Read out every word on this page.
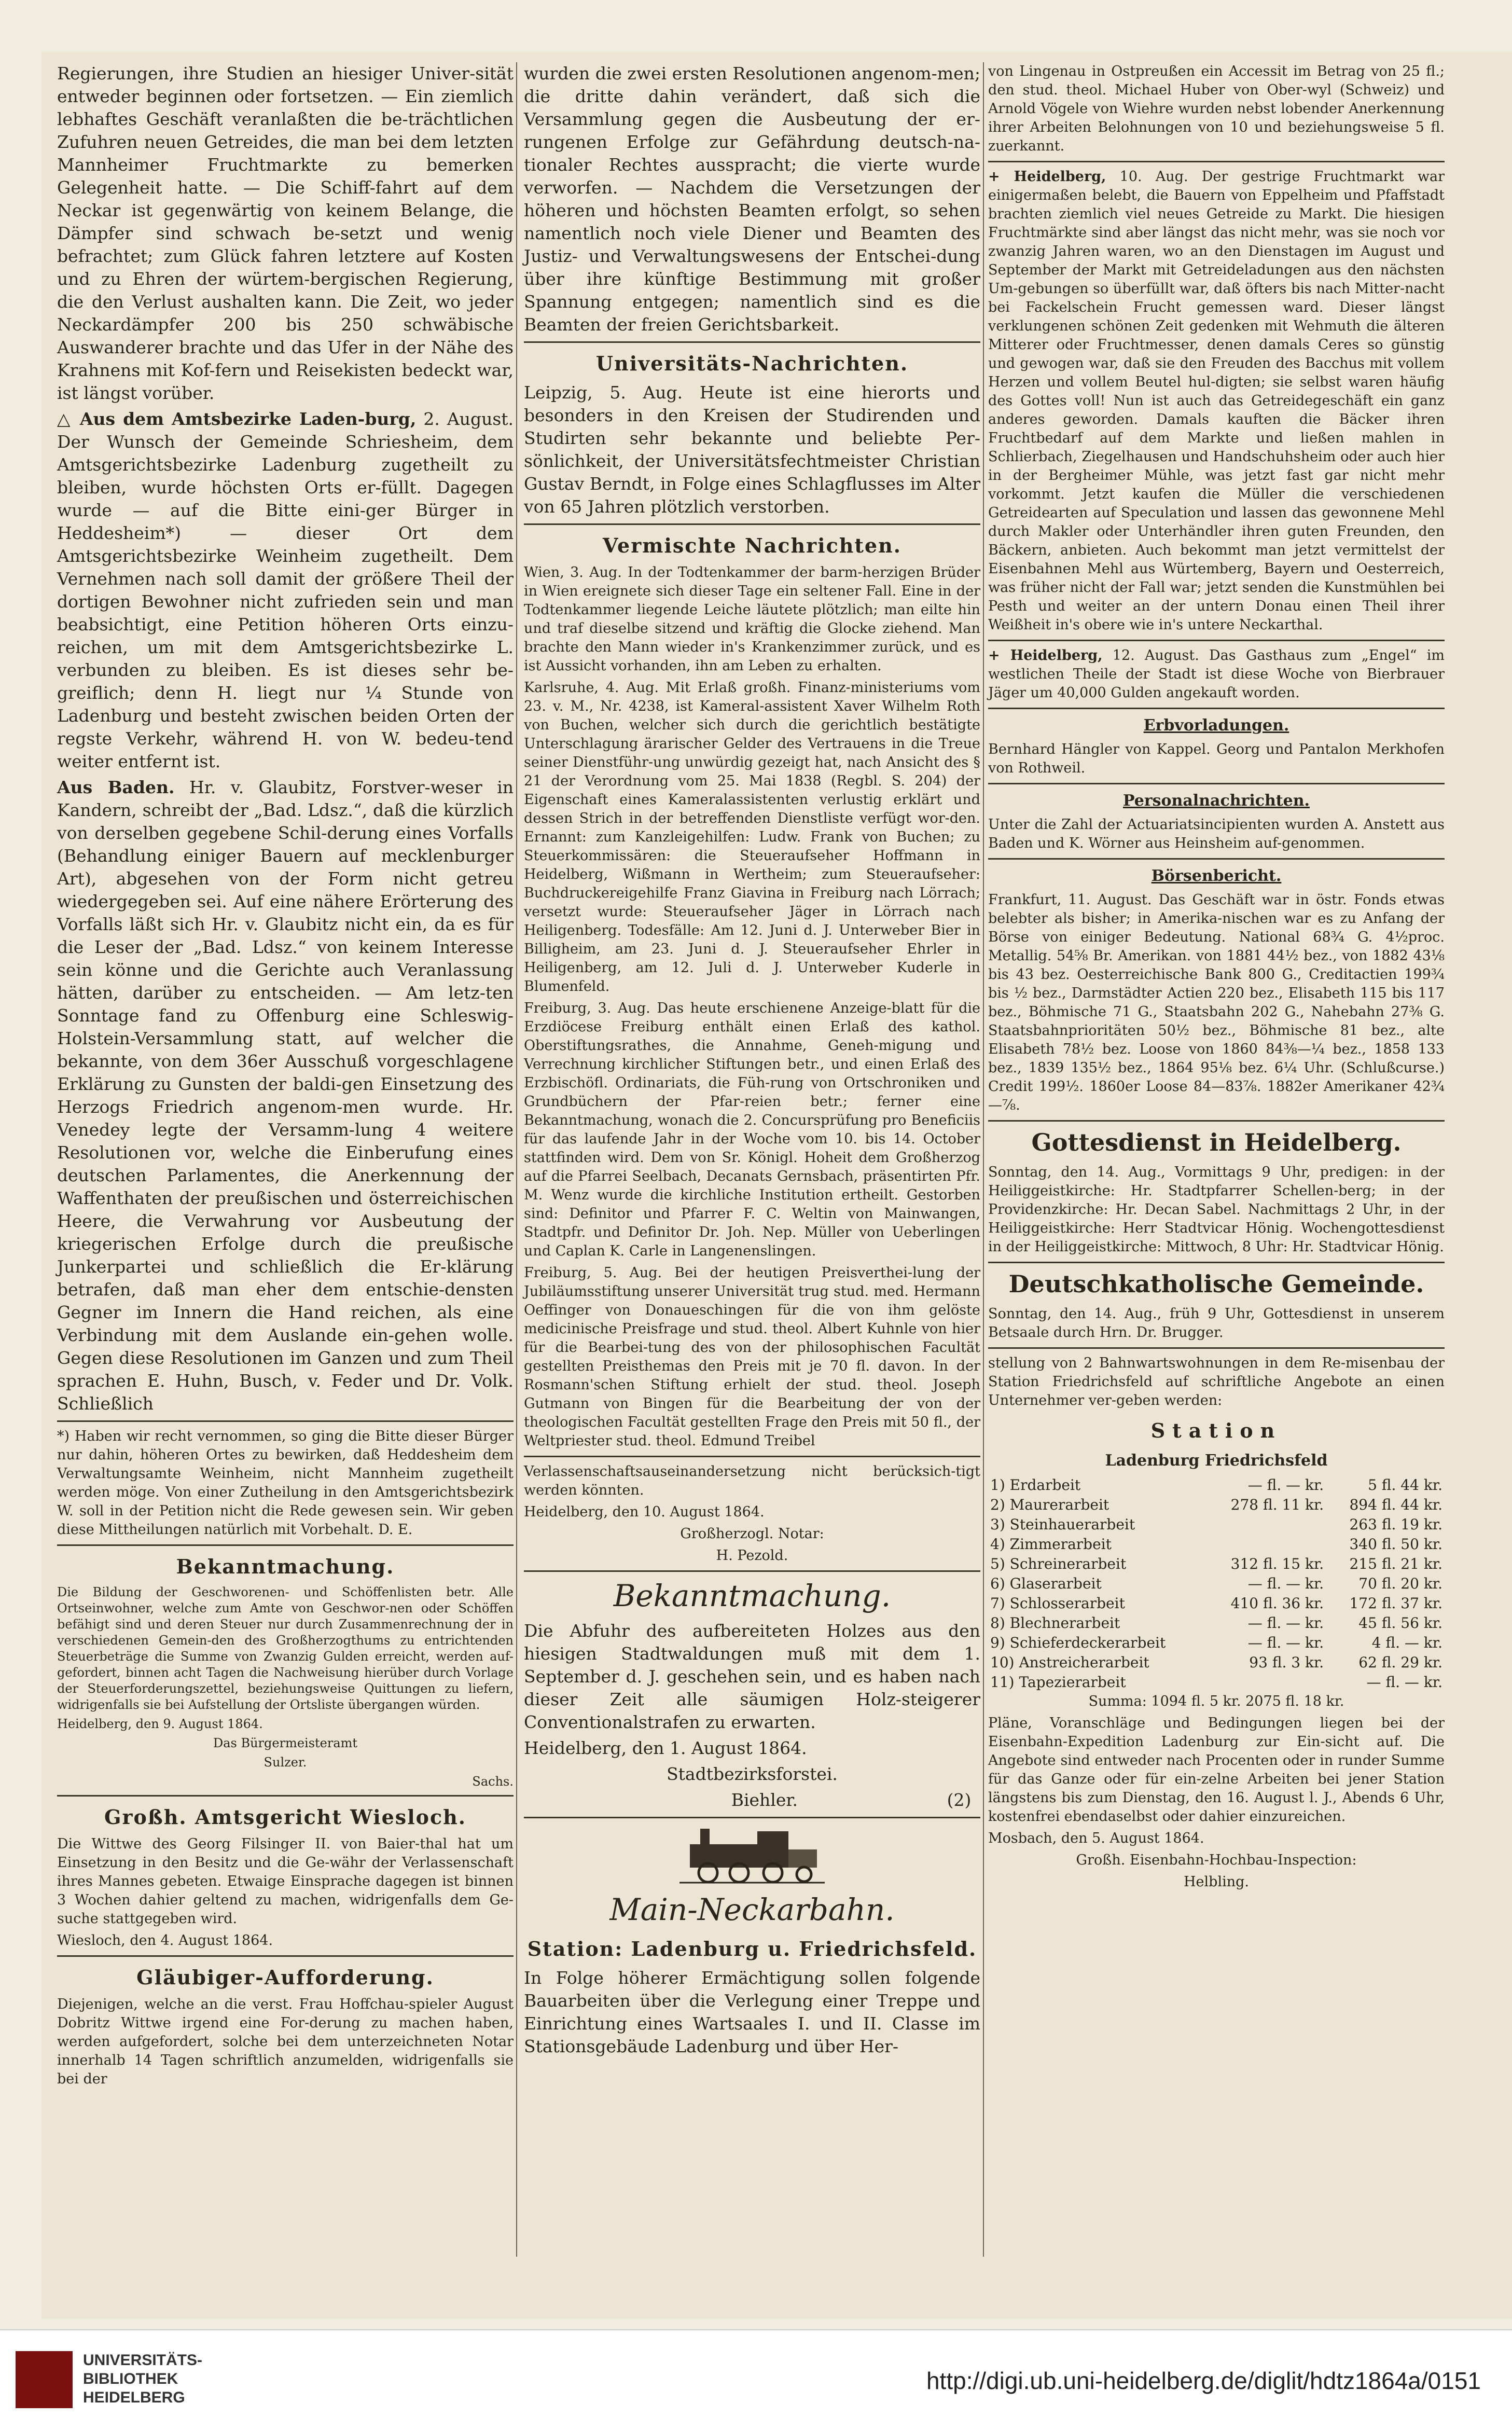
Regierungen, ihre Studien an hiesiger Univer-sität entweder beginnen oder fortsetzen. — Ein ziemlich lebhaftes Geschäft veranlaßten die be-trächtlichen Zufuhren neuen Getreides, die man bei dem letzten Mannheimer Fruchtmarkte zu bemerken Gelegenheit hatte. — Die Schiff-fahrt auf dem Neckar ist gegenwärtig von keinem Belange, die Dämpfer sind schwach be-setzt und wenig befrachtet; zum Glück fahren letztere auf Kosten und zu Ehren der würtem-bergischen Regierung, die den Verlust aushalten kann. Die Zeit, wo jeder Neckardämpfer 200 bis 250 schwäbische Auswanderer brachte und das Ufer in der Nähe des Krahnens mit Kof-fern und Reisekisten bedeckt war, ist längst vorüber.

△ Aus dem Amtsbezirke Laden-burg, 2. August. Der Wunsch der Gemeinde Schriesheim, dem Amtsgerichtsbezirke Ladenburg zugetheilt zu bleiben, wurde höchsten Orts er-füllt. Dagegen wurde — auf die Bitte eini-ger Bürger in Heddesheim*) — dieser Ort dem Amtsgerichtsbezirke Weinheim zugetheilt. Dem Vernehmen nach soll damit der größere Theil der dortigen Bewohner nicht zufrieden sein und man beabsichtigt, eine Petition höheren Orts einzu-reichen, um mit dem Amtsgerichtsbezirke L. verbunden zu bleiben. Es ist dieses sehr be-greiflich; denn H. liegt nur ¼ Stunde von Ladenburg und besteht zwischen beiden Orten der regste Verkehr, während H. von W. bedeu-tend weiter entfernt ist.

Aus Baden. Hr. v. Glaubitz, Forstver-weser in Kandern, schreibt der „Bad. Ldsz.“, daß die kürzlich von derselben gegebene Schil-derung eines Vorfalls (Behandlung einiger Bauern auf mecklenburger Art), abgesehen von der Form nicht getreu wiedergegeben sei. Auf eine nähere Erörterung des Vorfalls läßt sich Hr. v. Glaubitz nicht ein, da es für die Leser der „Bad. Ldsz.“ von keinem Interesse sein könne und die Gerichte auch Veranlassung hätten, darüber zu entscheiden. — Am letz-ten Sonntage fand zu Offenburg eine Schleswig-Holstein-Versammlung statt, auf welcher die bekannte, von dem 36er Ausschuß vorgeschlagene Erklärung zu Gunsten der baldi-gen Einsetzung des Herzogs Friedrich angenom-men wurde. Hr. Venedey legte der Versamm-lung 4 weitere Resolutionen vor, welche die Einberufung eines deutschen Parlamentes, die Anerkennung der Waffenthaten der preußischen und österreichischen Heere, die Verwahrung vor Ausbeutung der kriegerischen Erfolge durch die preußische Junkerpartei und schließlich die Er-klärung betrafen, daß man eher dem entschie-densten Gegner im Innern die Hand reichen, als eine Verbindung mit dem Auslande ein-gehen wolle. Gegen diese Resolutionen im Ganzen und zum Theil sprachen E. Huhn, Busch, v. Feder und Dr. Volk. Schließlich

*) Haben wir recht vernommen, so ging die Bitte dieser Bürger nur dahin, höheren Ortes zu bewirken, daß Heddesheim dem Verwaltungsamte Weinheim, nicht Mannheim zugetheilt werden möge. Von einer Zutheilung in den Amtsgerichtsbezirk W. soll in der Petition nicht die Rede gewesen sein. Wir geben diese Mittheilungen natürlich mit Vorbehalt. D. E.

Bekanntmachung.

Die Bildung der Geschworenen- und Schöffenlisten betr. Alle Ortseinwohner, welche zum Amte von Geschwor-nen oder Schöffen befähigt sind und deren Steuer nur durch Zusammenrechnung der in verschiedenen Gemein-den des Großherzogthums zu entrichtenden Steuerbeträge die Summe von Zwanzig Gulden erreicht, werden auf-gefordert, binnen acht Tagen die Nachweisung hierüber durch Vorlage der Steuerforderungszettel, beziehungsweise Quittungen zu liefern, widrigenfalls sie bei Aufstellung der Ortsliste übergangen würden.

Heidelberg, den 9. August 1864.

Das Bürgermeisteramt

Sulzer.

Sachs.

Großh. Amtsgericht Wiesloch.

Die Wittwe des Georg Filsinger II. von Baier-thal hat um Einsetzung in den Besitz und die Ge-währ der Verlassenschaft ihres Mannes gebeten. Etwaige Einsprache dagegen ist binnen 3 Wochen dahier geltend zu machen, widrigenfalls dem Ge-suche stattgegeben wird.

Wiesloch, den 4. August 1864.

Gläubiger-Aufforderung.

Diejenigen, welche an die verst. Frau Hoffchau-spieler August Dobritz Wittwe irgend eine For-derung zu machen haben, werden aufgefordert, solche bei dem unterzeichneten Notar innerhalb 14 Tagen schriftlich anzumelden, widrigenfalls sie bei der

wurden die zwei ersten Resolutionen angenom-men; die dritte dahin verändert, daß sich die Versammlung gegen die Ausbeutung der er-rungenen Erfolge zur Gefährdung deutsch-na-tionaler Rechtes ausspracht; die vierte wurde verworfen. — Nachdem die Versetzungen der höheren und höchsten Beamten erfolgt, so sehen namentlich noch viele Diener und Beamten des Justiz- und Verwaltungswesens der Entschei-dung über ihre künftige Bestimmung mit großer Spannung entgegen; namentlich sind es die Beamten der freien Gerichtsbarkeit.

Universitäts-Nachrichten.

Leipzig, 5. Aug. Heute ist eine hierorts und besonders in den Kreisen der Studirenden und Studirten sehr bekannte und beliebte Per-sönlichkeit, der Universitätsfechtmeister Christian Gustav Berndt, in Folge eines Schlagflusses im Alter von 65 Jahren plötzlich verstorben.

Vermischte Nachrichten.

Wien, 3. Aug. In der Todtenkammer der barm-herzigen Brüder in Wien ereignete sich dieser Tage ein seltener Fall. Eine in der Todtenkammer liegende Leiche läutete plötzlich; man eilte hin und traf dieselbe sitzend und kräftig die Glocke ziehend. Man brachte den Mann wieder in's Krankenzimmer zurück, und es ist Aussicht vorhanden, ihn am Leben zu erhalten.

Karlsruhe, 4. Aug. Mit Erlaß großh. Finanz-ministeriums vom 23. v. M., Nr. 4238, ist Kameral-assistent Xaver Wilhelm Roth von Buchen, welcher sich durch die gerichtlich bestätigte Unterschlagung ärarischer Gelder des Vertrauens in die Treue seiner Dienstführ-ung unwürdig gezeigt hat, nach Ansicht des § 21 der Verordnung vom 25. Mai 1838 (Regbl. S. 204) der Eigenschaft eines Kameralassistenten verlustig erklärt und dessen Strich in der betreffenden Dienstliste verfügt wor-den. Ernannt: zum Kanzleigehilfen: Ludw. Frank von Buchen; zu Steuerkommissären: die Steueraufseher Hoffmann in Heidelberg, Wißmann in Wertheim; zum Steueraufseher: Buchdruckereigehilfe Franz Giavina in Freiburg nach Lörrach; versetzt wurde: Steueraufseher Jäger in Lörrach nach Heiligenberg. Todesfälle: Am 12. Juni d. J. Unterweber Bier in Billigheim, am 23. Juni d. J. Steueraufseher Ehrler in Heiligenberg, am 12. Juli d. J. Unterweber Kuderle in Blumenfeld.

Freiburg, 3. Aug. Das heute erschienene Anzeige-blatt für die Erzdiöcese Freiburg enthält einen Erlaß des kathol. Oberstiftungsrathes, die Annahme, Geneh-migung und Verrechnung kirchlicher Stiftungen betr., und einen Erlaß des Erzbischöfl. Ordinariats, die Füh-rung von Ortschroniken und Grundbüchern der Pfar-reien betr.; ferner eine Bekanntmachung, wonach die 2. Concursprüfung pro Beneficiis für das laufende Jahr in der Woche vom 10. bis 14. October stattfinden wird. Dem von Sr. Königl. Hoheit dem Großherzog auf die Pfarrei Seelbach, Decanats Gernsbach, präsentirten Pfr. M. Wenz wurde die kirchliche Institution ertheilt. Gestorben sind: Definitor und Pfarrer F. C. Weltin von Mainwangen, Stadtpfr. und Definitor Dr. Joh. Nep. Müller von Ueberlingen und Caplan K. Carle in Langenenslingen.

Freiburg, 5. Aug. Bei der heutigen Preisverthei-lung der Jubiläumsstiftung unserer Universität trug stud. med. Hermann Oeffinger von Donaueschingen für die von ihm gelöste medicinische Preisfrage und stud. theol. Albert Kuhnle von hier für die Bearbei-tung des von der philosophischen Facultät gestellten Preisthemas den Preis mit je 70 fl. davon. In der Rosmann'schen Stiftung erhielt der stud. theol. Joseph Gutmann von Bingen für die Bearbeitung der von der theologischen Facultät gestellten Frage den Preis mit 50 fl., der Weltpriester stud. theol. Edmund Treibel

Verlassenschaftsauseinandersetzung nicht berücksich-tigt werden könnten.

Heidelberg, den 10. August 1864.

Großherzogl. Notar:

H. Pezold.

Bekanntmachung.

Die Abfuhr des aufbereiteten Holzes aus den hiesigen Stadtwaldungen muß mit dem 1. September d. J. geschehen sein, und es haben nach dieser Zeit alle säumigen Holz-steigerer Conventionalstrafen zu erwarten.

Heidelberg, den 1. August 1864.

Stadtbezirksforstei.

Biehler.	(2)

Main-Neckarbahn.
Station: Ladenburg u. Friedrichsfeld.

In Folge höherer Ermächtigung sollen folgende Bauarbeiten über die Verlegung einer Treppe und Einrichtung eines Wartsaales I. und II. Classe im Stationsgebäude Ladenburg und über Her-

von Lingenau in Ostpreußen ein Accessit im Betrag von 25 fl.; den stud. theol. Michael Huber von Ober-wyl (Schweiz) und Arnold Vögele von Wiehre wurden nebst lobender Anerkennung ihrer Arbeiten Belohnungen von 10 und beziehungsweise 5 fl. zuerkannt.

+ Heidelberg, 10. Aug. Der gestrige Fruchtmarkt war einigermaßen belebt, die Bauern von Eppelheim und Pfaffstadt brachten ziemlich viel neues Getreide zu Markt. Die hiesigen Fruchtmärkte sind aber längst das nicht mehr, was sie noch vor zwanzig Jahren waren, wo an den Dienstagen im August und September der Markt mit Getreideladungen aus den nächsten Um-gebungen so überfüllt war, daß öfters bis nach Mitter-nacht bei Fackelschein Frucht gemessen ward. Dieser längst verklungenen schönen Zeit gedenken mit Wehmuth die älteren Mitterer oder Fruchtmesser, denen damals Ceres so günstig und gewogen war, daß sie den Freuden des Bacchus mit vollem Herzen und vollem Beutel hul-digten; sie selbst waren häufig des Gottes voll! Nun ist auch das Getreidegeschäft ein ganz anderes geworden. Damals kauften die Bäcker ihren Fruchtbedarf auf dem Markte und ließen mahlen in Schlierbach, Ziegelhausen und Handschuhsheim oder auch hier in der Bergheimer Mühle, was jetzt fast gar nicht mehr vorkommt. Jetzt kaufen die Müller die verschiedenen Getreidearten auf Speculation und lassen das gewonnene Mehl durch Makler oder Unterhändler ihren guten Freunden, den Bäckern, anbieten. Auch bekommt man jetzt vermittelst der Eisenbahnen Mehl aus Würtemberg, Bayern und Oesterreich, was früher nicht der Fall war; jetzt senden die Kunstmühlen bei Pesth und weiter an der untern Donau einen Theil ihrer Weißheit in's obere wie in's untere Neckarthal.

+ Heidelberg, 12. August. Das Gasthaus zum „Engel“ im westlichen Theile der Stadt ist diese Woche von Bierbrauer Jäger um 40,000 Gulden angekauft worden.

Erbvorladungen.

Bernhard Hängler von Kappel. Georg und Pantalon Merkhofen von Rothweil.

Personalnachrichten.

Unter die Zahl der Actuariatsincipienten wurden A. Anstett aus Baden und K. Wörner aus Heinsheim auf-genommen.

Börsenbericht.

Frankfurt, 11. August. Das Geschäft war in östr. Fonds etwas belebter als bisher; in Amerika-nischen war es zu Anfang der Börse von einiger Bedeutung. National 68¾ G. 4½proc. Metallig. 54⅝ Br. Amerikan. von 1881 44½ bez., von 1882 43⅛ bis 43 bez. Oesterreichische Bank 800 G., Creditactien 199¾ bis ½ bez., Darmstädter Actien 220 bez., Elisabeth 115 bis 117 bez., Böhmische 71 G., Staatsbahn 202 G., Nahebahn 27⅜ G. Staatsbahnprioritäten 50½ bez., Böhmische 81 bez., alte Elisabeth 78½ bez. Loose von 1860 84⅜—¼ bez., 1858 133 bez., 1839 135½ bez., 1864 95⅛ bez. 6¼ Uhr. (Schlußcurse.) Credit 199½. 1860er Loose 84—83⅞. 1882er Amerikaner 42¾—⅞.

Gottesdienst in Heidelberg.

Sonntag, den 14. Aug., Vormittags 9 Uhr, predigen: in der Heiliggeistkirche: Hr. Stadtpfarrer Schellen-berg; in der Providenzkirche: Hr. Decan Sabel. Nachmittags 2 Uhr, in der Heiliggeistkirche: Herr Stadtvicar Hönig. Wochengottesdienst in der Heiliggeistkirche: Mittwoch, 8 Uhr: Hr. Stadtvicar Hönig.

Deutschkatholische Gemeinde.

Sonntag, den 14. Aug., früh 9 Uhr, Gottesdienst in unserem Betsaale durch Hrn. Dr. Brugger.

stellung von 2 Bahnwartswohnungen in dem Re-misenbau der Station Friedrichsfeld auf schriftliche Angebote an einen Unternehmer ver-geben werden:

Station
Ladenburg Friedrichsfeld
1) Erdarbeit	— fl. — kr.	5 fl. 44 kr.
2) Maurerarbeit	278 fl. 11 kr.	894 fl. 44 kr.
3) Steinhauerarbeit		263 fl. 19 kr.
4) Zimmerarbeit		340 fl. 50 kr.
5) Schreinerarbeit	312 fl. 15 kr.	215 fl. 21 kr.
6) Glaserarbeit	— fl. — kr.	70 fl. 20 kr.
7) Schlosserarbeit	410 fl. 36 kr.	172 fl. 37 kr.
8) Blechnerarbeit	— fl. — kr.	45 fl. 56 kr.
9) Schieferdeckerarbeit	— fl. — kr.	4 fl. — kr.
10) Anstreicherarbeit	93 fl. 3 kr.	62 fl. 29 kr.
11) Tapezierarbeit		— fl. — kr.

Summa: 1094 fl. 5 kr. 2075 fl. 18 kr.

Pläne, Voranschläge und Bedingungen liegen bei der Eisenbahn-Expedition Ladenburg zur Ein-sicht auf. Die Angebote sind entweder nach Procenten oder in runder Summe für das Ganze oder für ein-zelne Arbeiten bei jener Station längstens bis zum Dienstag, den 16. August l. J., Abends 6 Uhr, kostenfrei ebendaselbst oder dahier einzureichen.

Mosbach, den 5. August 1864.

Großh. Eisenbahn-Hochbau-Inspection:

Helbling.

UNIVERSITÄTS-
BIBLIOTHEK
HEIDELBERG
http://digi.ub.uni-heidelberg.de/diglit/hdtz1864a/0151
